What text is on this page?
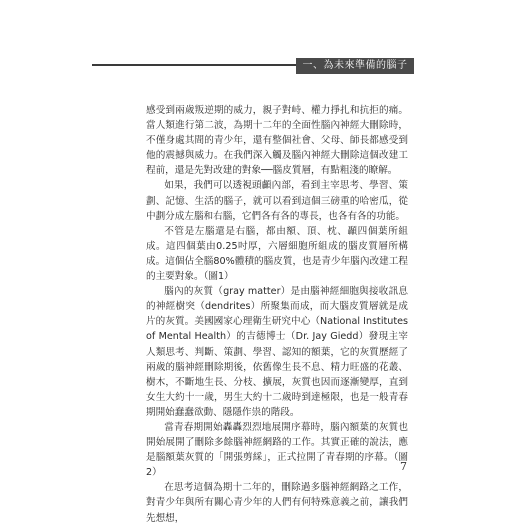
一、為未來準備的腦子

感受到兩歲叛逆期的威力，親子對峙、權力掙扎和抗拒的痛。當人類進行第二波，為期十二年的全面性腦內神經大刪除時，不僅身處其間的青少年，還有整個社會、父母、師長都感受到他的震撼與威力。在我們深入觸及腦內神經大刪除這個改建工程前，還是先對改建的對象──腦皮質層，有點粗淺的瞭解。

如果，我們可以透視頭顱內部，看到主宰思考、學習、策劃、記憶、生活的腦子，就可以看到這個三磅重的哈密瓜，從中劃分成左腦和右腦，它們各有各的專長，也各有各的功能。

不管是左腦還是右腦，都由額、頂、枕、顳四個葉所組成。這四個葉由0.25吋厚，六層細胞所組成的腦皮質層所構成。這個佔全腦80%體積的腦皮質，也是青少年腦內改建工程的主要對象。（圖1）

腦內的灰質（gray matter）是由腦神經細胞與接收訊息的神經樹突（dendrites）所聚集而成，而大腦皮質層就是成片的灰質。美國國家心理衛生研究中心（National Institutes of Mental Health）的吉德博士（Dr. Jay Giedd）發現主宰人類思考、判斷、策劃、學習、認知的額葉，它的灰質歷經了兩歲的腦神經刪除期後，依舊像生長不息、精力旺盛的花叢、樹木，不斷地生長、分枝、擴展，灰質也因而逐漸變厚，直到女生大約十一歲，男生大約十二歲時到達極限，也是一般青春期開始蠢蠢欲動、隱隱作祟的階段。

當青春期開始轟轟烈烈地展開序幕時，腦內額葉的灰質也開始展開了刪除多餘腦神經網路的工作。其實正確的說法，應是腦額葉灰質的「開張剪綵」，正式拉開了青春期的序幕。（圖2）

在思考這個為期十二年的，刪除過多腦神經網路之工作，對青少年與所有關心青少年的人們有何特殊意義之前，讓我們先想想，

7
